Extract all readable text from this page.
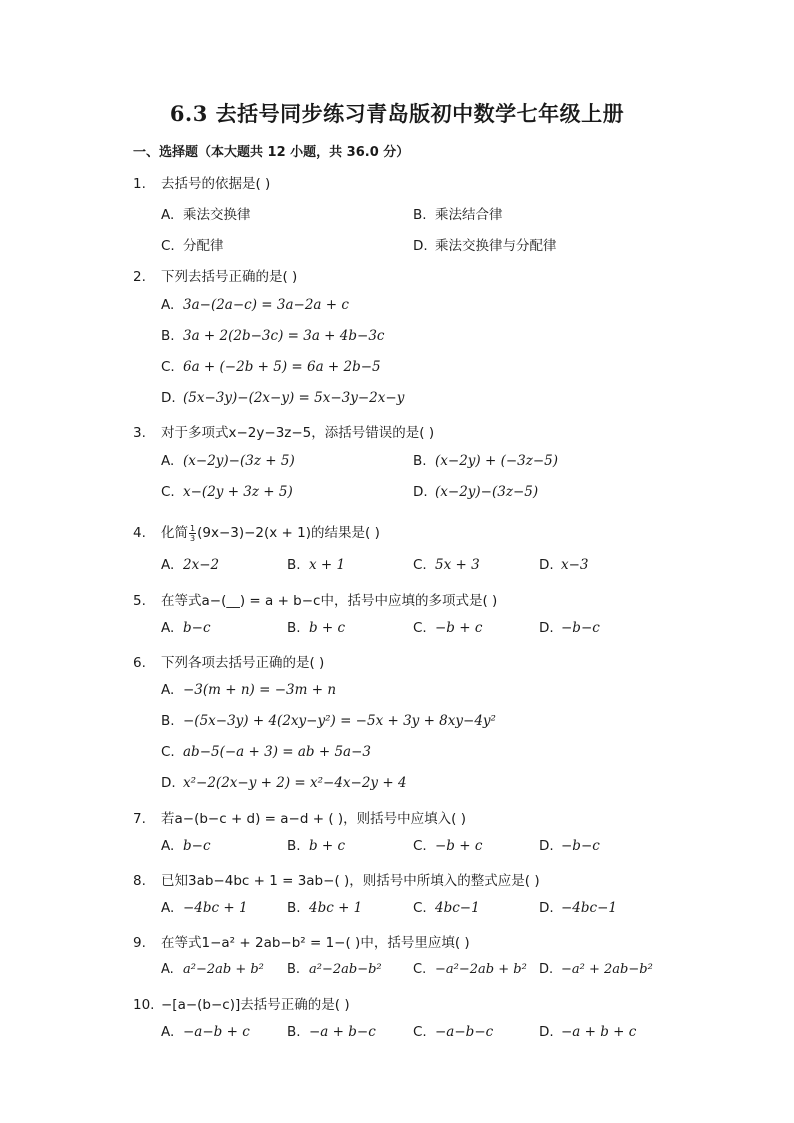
6.3 去括号同步练习青岛版初中数学七年级上册
一、选择题（本大题共 12 小题，共 36.0 分）
1. 去括号的依据是( )
A. 乘法交换律	B. 乘法结合律
C. 分配律	D. 乘法交换律与分配律
2. 下列去括号正确的是( )
A. 3a−(2a−c) = 3a−2a + c
B. 3a + 2(2b−3c) = 3a + 4b−3c
C. 6a + (−2b + 5) = 6a + 2b−5
D. (5x−3y)−(2x−y) = 5x−3y−2x−y
3. 对于多项式x−2y−3z−5，添括号错误的是( )
A. (x−2y)−(3z + 5)	B. (x−2y) + (−3z−5)
C. x−(2y + 3z + 5)	D. (x−2y)−(3z−5)
4. 化简 $\frac{1}{3} (9x-3)-2(x + 1)$的结果是( )
A. 2x−2	B. x + 1	C. 5x + 3	D. x−3
5. 在等式a−(__) = a + b−c中，括号中应填的多项式是( )
A. b−c	B. b + c	C. −b + c	D. −b−c
6. 下列各项去括号正确的是( )
A. −3(m + n) = −3m + n
B. −(5x−3y) + 4(2xy−y²) = −5x + 3y + 8xy−4y²
C. ab−5(−a + 3) = ab + 5a−3
D. x²−2(2x−y + 2) = x²−4x−2y + 4
7. 若a−(b−c + d) = a−d + ( )，则括号中应填入( )
A. b−c	B. b + c	C. −b + c	D. −b−c
8. 已知3ab−4bc + 1 = 3ab−( )，则括号中所填入的整式应是( )
A. −4bc + 1	B. 4bc + 1	C. 4bc−1	D. −4bc−1
9. 在等式1−a² + 2ab−b² = 1−( )中，括号里应填( )
A. a²−2ab + b² B. a²−2ab−b² C. −a²−2ab + b² D. −a² + 2ab−b²
10. −[a−(b−c)]去括号正确的是( )
A. −a−b + c	B. −a + b−c	C. −a−b−c	D. −a + b + c
